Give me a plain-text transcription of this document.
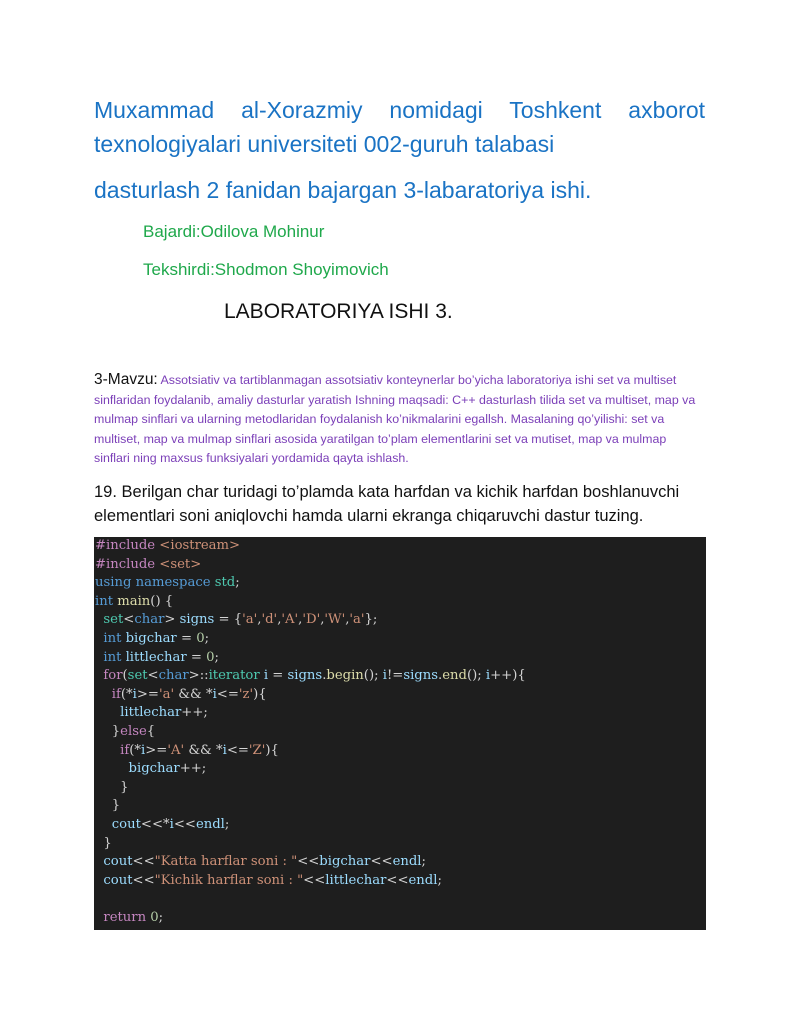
Muxammad al-Xorazmiy nomidagi Toshkent axborot

texnologiyalari universiteti 002-guruh talabasi

dasturlash 2 fanidan bajargan 3-labaratoriya ishi.

Bajardi:Odilova Mohinur

Tekshirdi:Shodmon Shoyimovich

LABORATORIYA ISHI 3.

3-Mavzu: Assotsiativ va tartiblanmagan assotsiativ konteynerlar bo’yicha laboratoriya ishi set va multiset sinflaridan foydalanib, amaliy dasturlar yaratish Ishning maqsadi: C++ dasturlash tilida set va multiset, map va mulmap sinflari va ularning metodlaridan foydalanish ko’nikmalarini egallsh. Masalaning qo’yilishi: set va multiset, map va mulmap sinflari asosida yaratilgan to’plam elementlarini set va mutiset, map va mulmap sinflari ning maxsus funksiyalari yordamida qayta ishlash.

19. Berilgan char turidagi to’plamda kata harfdan va kichik harfdan boshlanuvchi elementlari soni aniqlovchi hamda ularni ekranga chiqaruvchi dastur tuzing.

#include <iostream>
#include <set>
using namespace std;
int main() {
set<char> signs = {'a','d','A','D','W','a'};
int bigchar = 0;
int littlechar = 0;
for(set<char>::iterator i = signs.begin(); i!=signs.end(); i++){
if(*i>='a' && *i<='z'){
littlechar++;
}else{
if(*i>='A' && *i<='Z'){
bigchar++;
}
}
cout<<*i<<endl;
}
cout<<"Katta harflar soni : "<<bigchar<<endl;
cout<<"Kichik harflar soni : "<<littlechar<<endl;
return 0;
